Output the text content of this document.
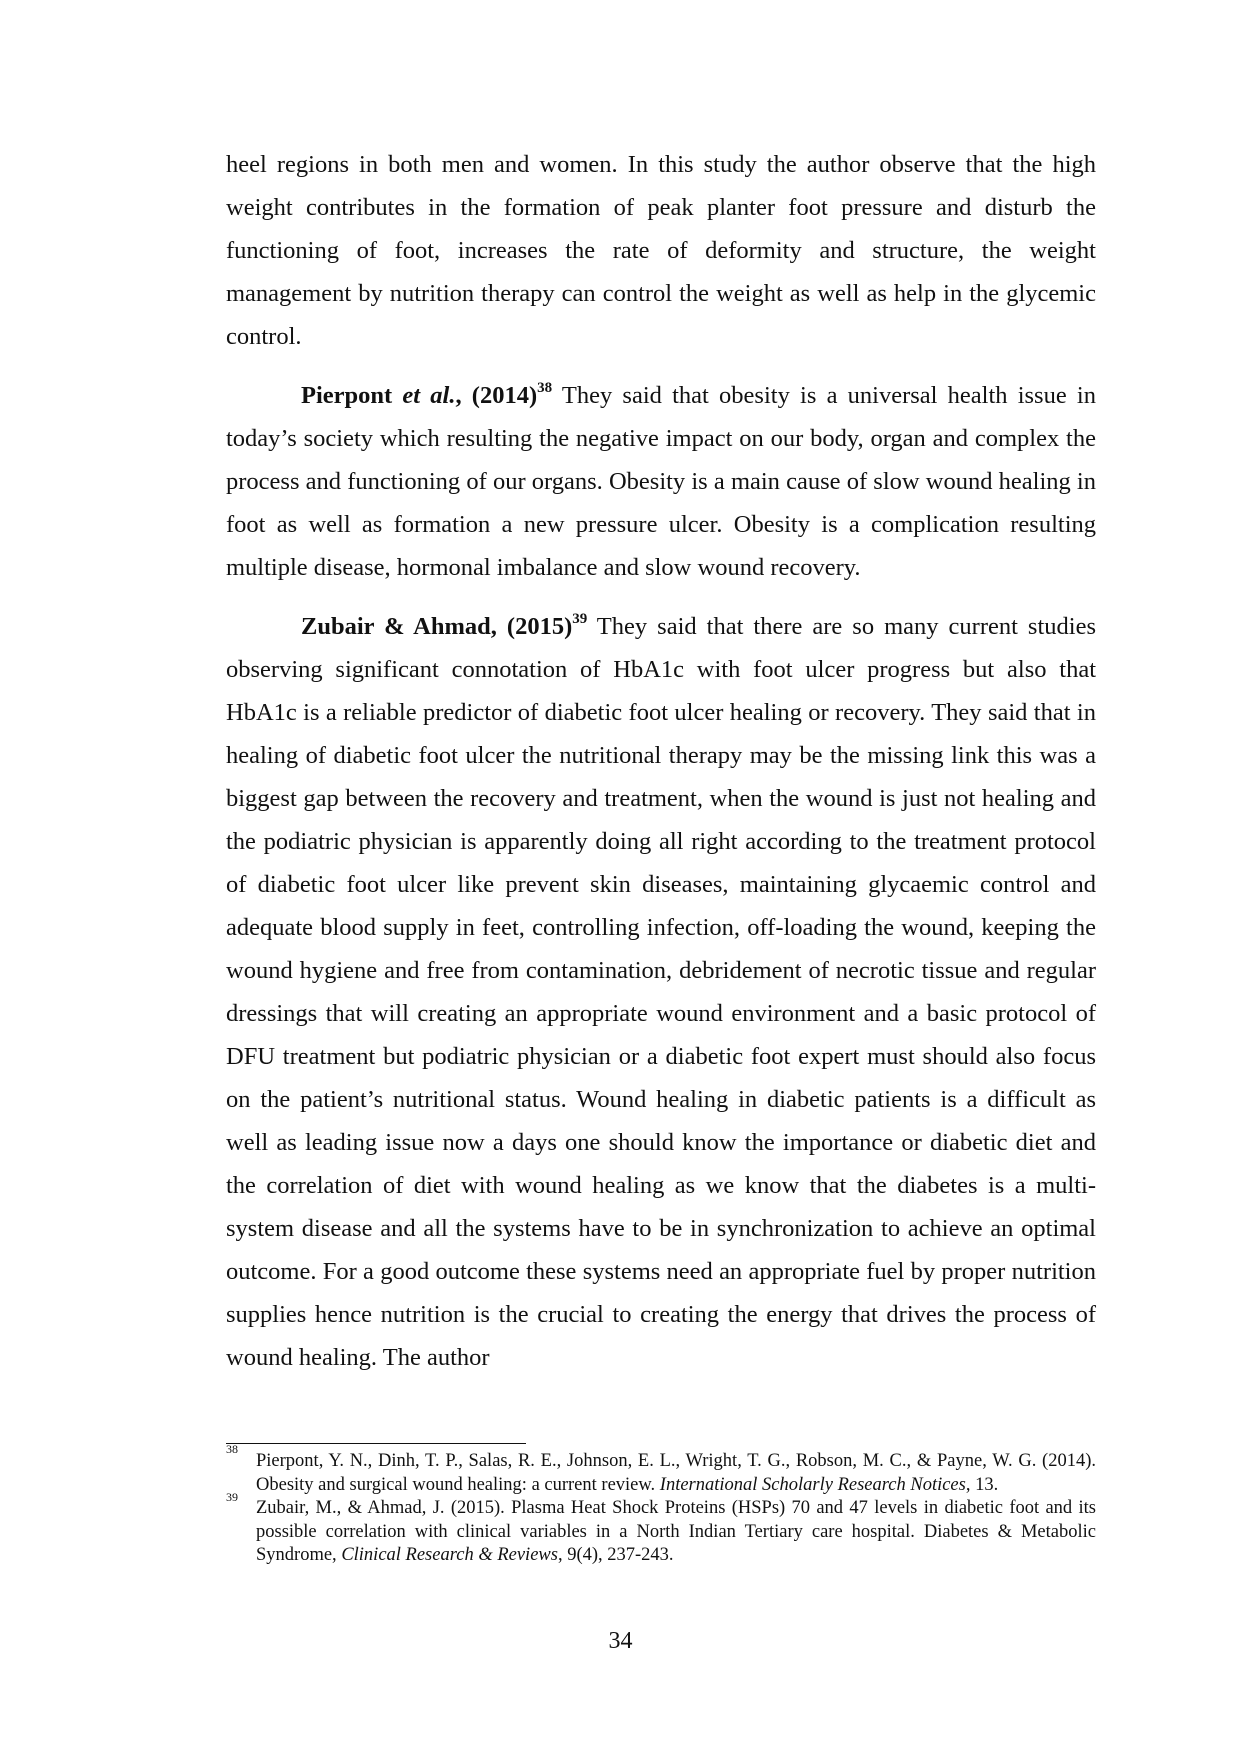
heel regions in both men and women. In this study the author observe that the high weight contributes in the formation of peak planter foot pressure and disturb the functioning of foot, increases the rate of deformity and structure, the weight management by nutrition therapy can control the weight as well as help in the glycemic control.

Pierpont et al., $(2014)^{38}$ They said that obesity is a universal health issue in today’s society which resulting the negative impact on our body, organ and complex the process and functioning of our organs. Obesity is a main cause of slow wound healing in foot as well as formation a new pressure ulcer. Obesity is a complication resulting multiple disease, hormonal imbalance and slow wound recovery.

Zubair & Ahmad, $(2015)^{39}$ They said that there are so many current studies observing significant connotation of HbA1c with foot ulcer progress but also that HbA1c is a reliable predictor of diabetic foot ulcer healing or recovery. They said that in healing of diabetic foot ulcer the nutritional therapy may be the missing link this was a biggest gap between the recovery and treatment, when the wound is just not healing and the podiatric physician is apparently doing all right according to the treatment protocol of diabetic foot ulcer like prevent skin diseases, maintaining glycaemic control and adequate blood supply in feet, controlling infection, off-loading the wound, keeping the wound hygiene and free from contamination, debridement of necrotic tissue and regular dressings that will creating an appropriate wound environment and a basic protocol of DFU treatment but podiatric physician or a diabetic foot expert must should also focus on the patient’s nutritional status. Wound healing in diabetic patients is a difficult as well as leading issue now a days one should know the importance or diabetic diet and the correlation of diet with wound healing as we know that the diabetes is a multi-system disease and all the systems have to be in synchronization to achieve an optimal outcome. For a good outcome these systems need an appropriate fuel by proper nutrition supplies hence nutrition is the crucial to creating the energy that drives the process of wound healing. The author

38
Pierpont, Y. N., Dinh, T. P., Salas, R. E., Johnson, E. L., Wright, T. G., Robson, M. C., & Payne, W. G. (2014). Obesity and surgical wound healing: a current review. International Scholarly Research Notices, 13.
39
Zubair, M., & Ahmad, J. (2015). Plasma Heat Shock Proteins (HSPs) 70 and 47 levels in diabetic foot and its possible correlation with clinical variables in a North Indian Tertiary care hospital. Diabetes & Metabolic Syndrome, Clinical Research & Reviews, 9(4), 237-243.
34
